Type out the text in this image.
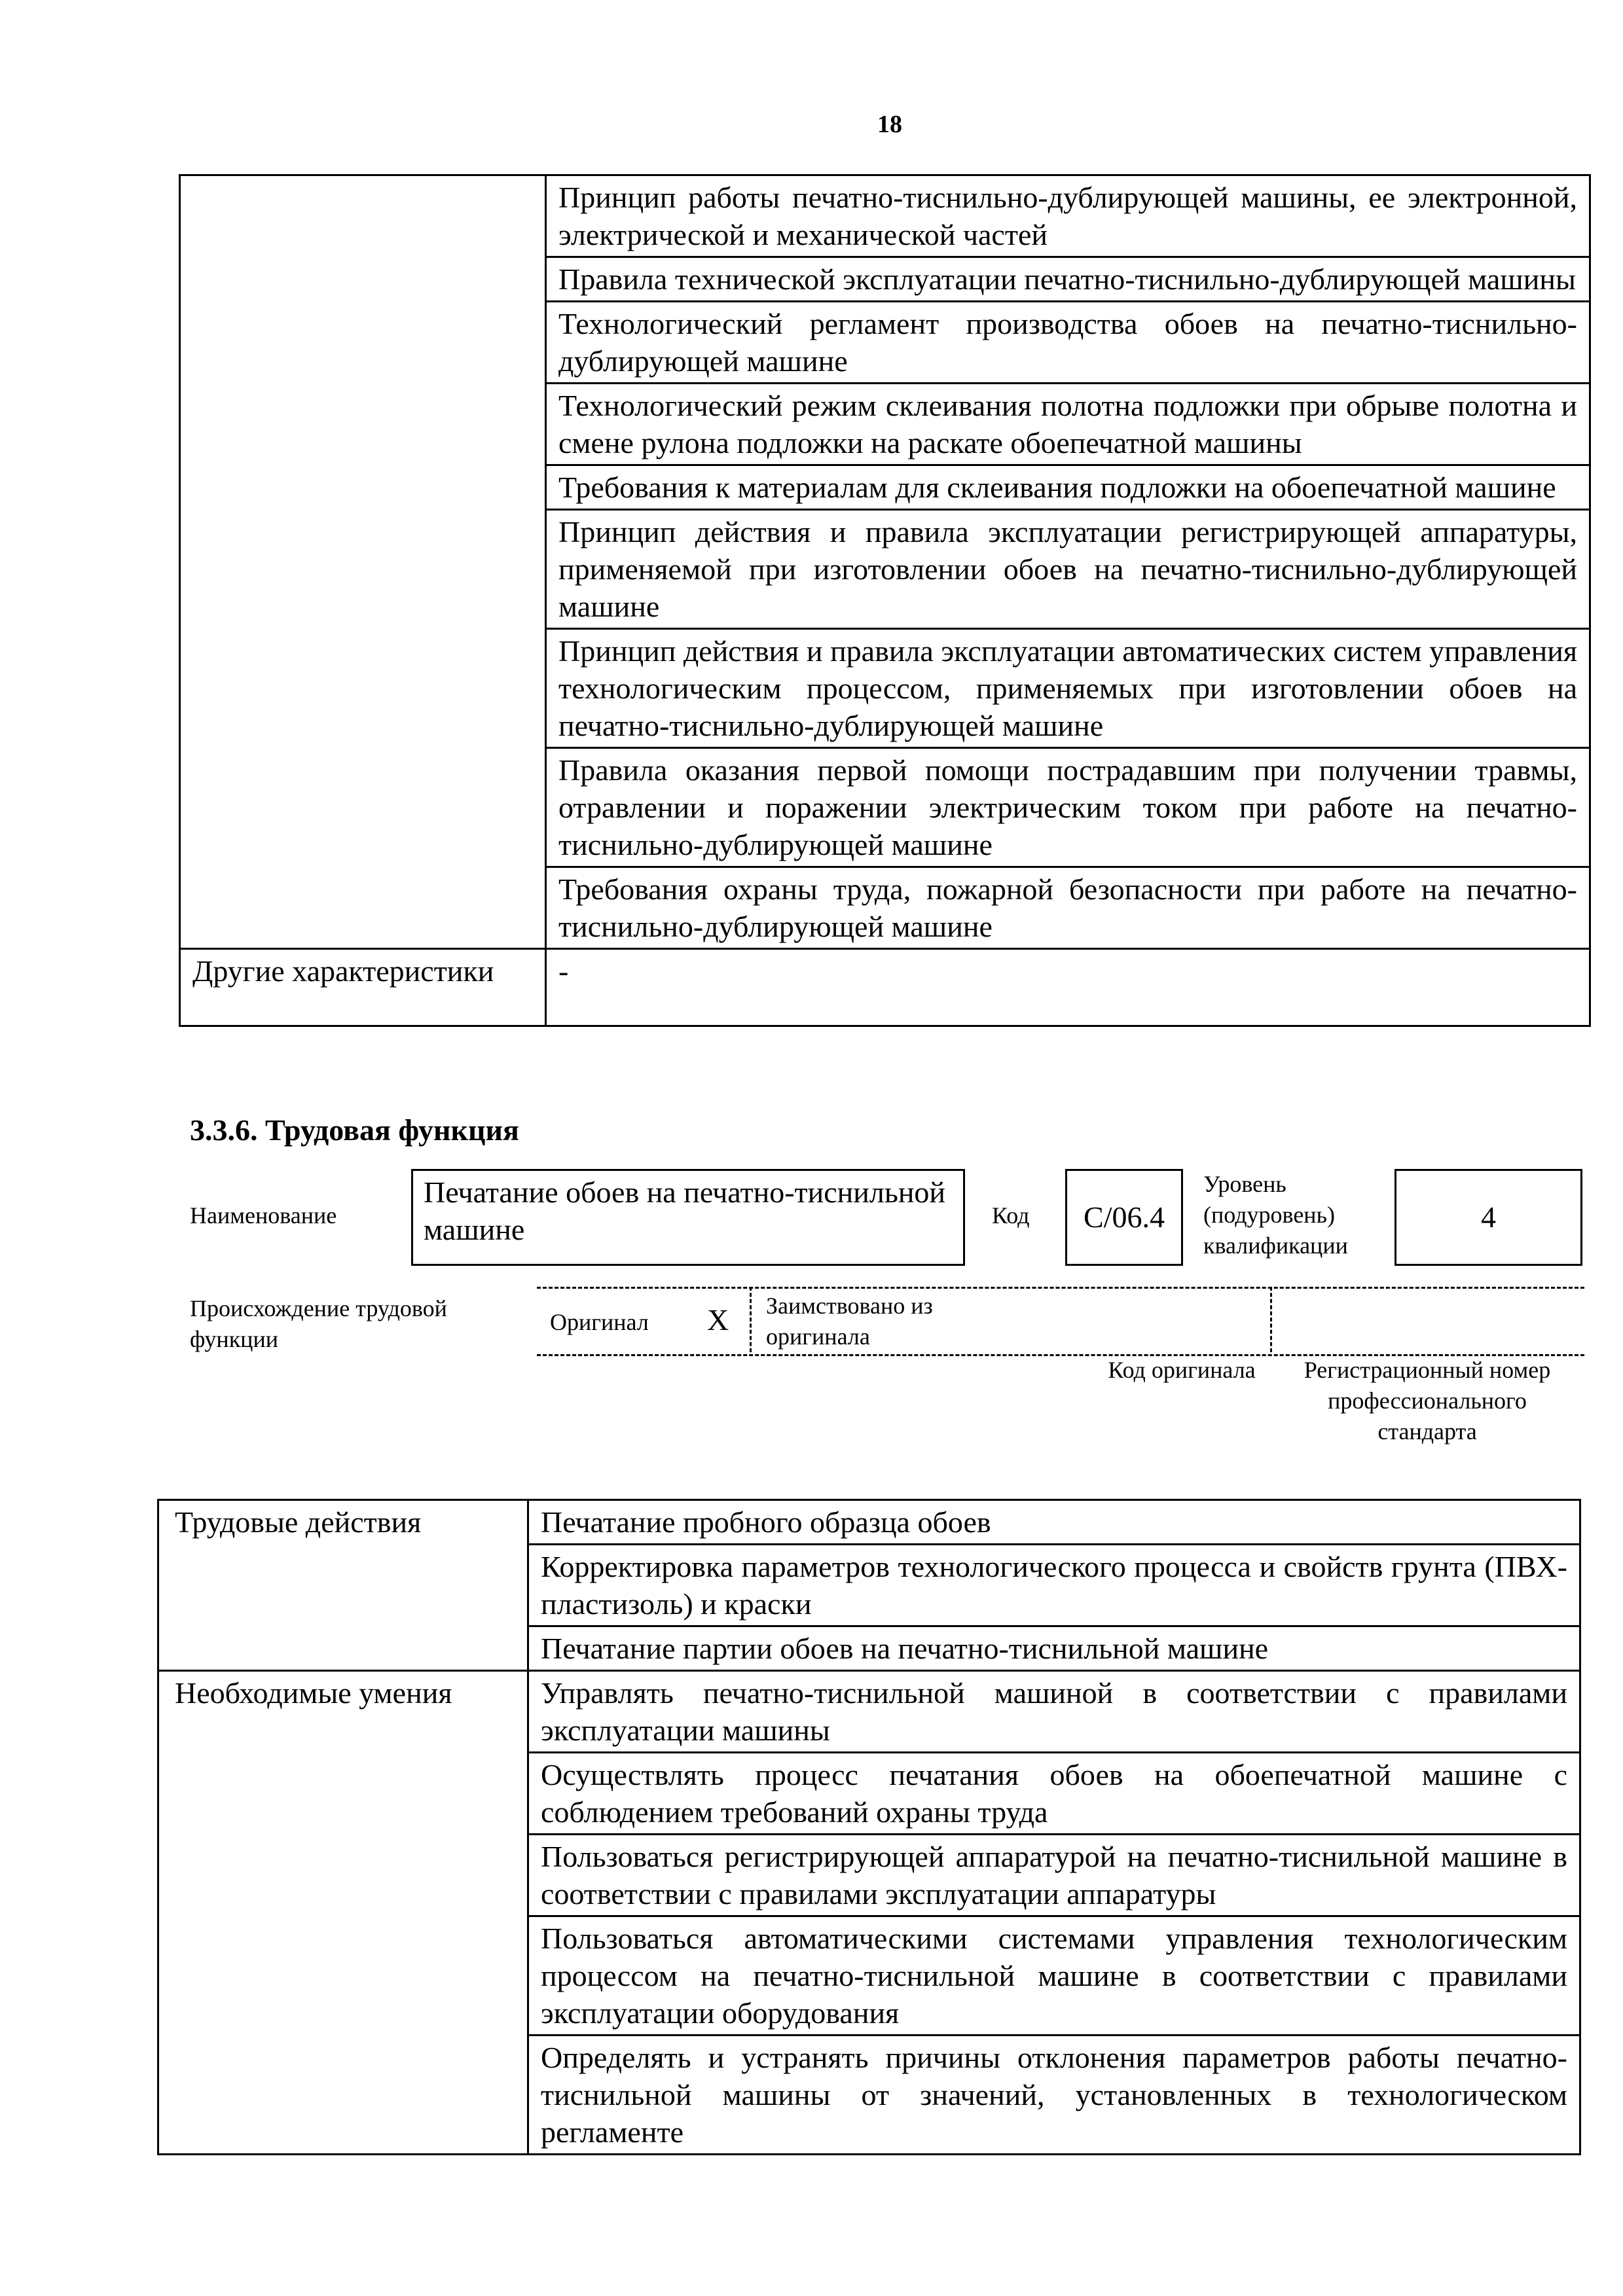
18
	Принцип работы печатно-тиснильно-дублирующей машины, ее электронной, электрической и механической частей
	Правила технической эксплуатации печатно-тиснильно-дублирующей машины
	Технологический регламент производства обоев на печатно-тиснильно-дублирующей машине
	Технологический режим склеивания полотна подложки при обрыве полотна и смене рулона подложки на раскате обоепечатной машины
	Требования к материалам для склеивания подложки на обоепечатной машине
	Принцип действия и правила эксплуатации регистрирующей аппаратуры, применяемой при изготовлении обоев на печатно-тиснильно-дублирующей машине
	Принцип действия и правила эксплуатации автоматических систем управления технологическим процессом, применяемых при изготовлении обоев на печатно-тиснильно-дублирующей машине
	Правила оказания первой помощи пострадавшим при получении травмы, отравлении и поражении электрическим током при работе на печатно-тиснильно-дублирующей машине
	Требования охраны труда, пожарной безопасности при работе на печатно-тиснильно-дублирующей машине
Другие характеристики	-
3.3.6. Трудовая функция
Наименование
Печатание обоев на печатно-тиснильной машине	Код	С/06.4
Уровень (подуровень) квалификации
4
Происхождение трудовой функции
Оригинал X Заимствовано из оригинала
Код оригинала	Регистрационный номер профессионального стандарта
Трудовые действия	Печатание пробного образца обоев
	Корректировка параметров технологического процесса и свойств грунта (ПВХ-пластизоль) и краски
	Печатание партии обоев на печатно-тиснильной машине
Необходимые умения	Управлять печатно-тиснильной машиной в соответствии с правилами эксплуатации машины
	Осуществлять процесс печатания обоев на обоепечатной машине с соблюдением требований охраны труда
	Пользоваться регистрирующей аппаратурой на печатно-тиснильной машине в соответствии с правилами эксплуатации аппаратуры
	Пользоваться автоматическими системами управления технологическим процессом на печатно-тиснильной машине в соответствии с правилами эксплуатации оборудования
	Определять и устранять причины отклонения параметров работы печатно-тиснильной машины от значений, установленных в технологическом регламенте
